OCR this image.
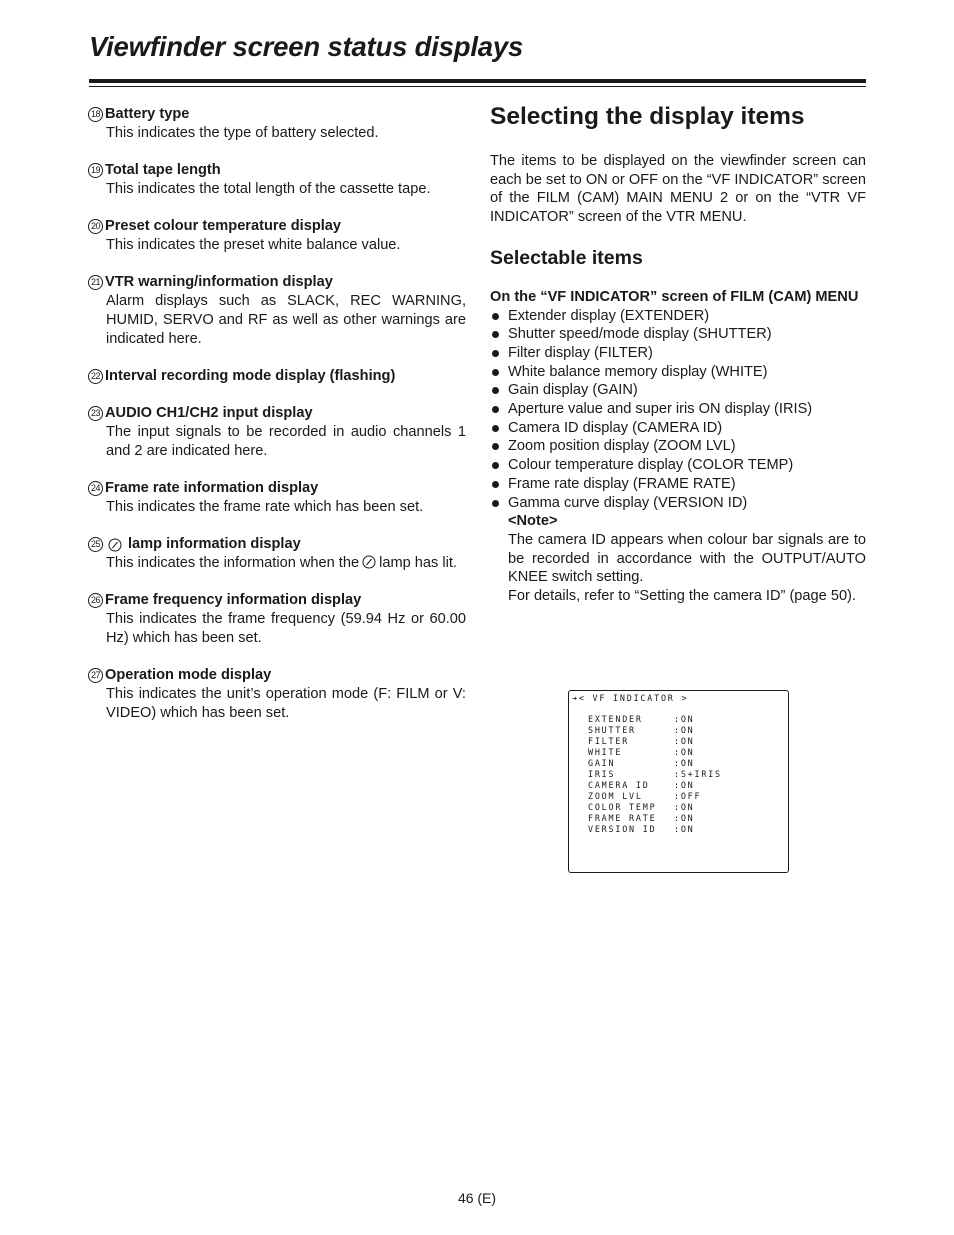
Viewfinder screen status displays
18 Battery type
This indicates the type of battery selected.
19 Total tape length
This indicates the total length of the cassette tape.
20 Preset colour temperature display
This indicates the preset white balance value.
21 VTR warning/information display
Alarm displays such as SLACK, REC WARNING, HUMID, SERVO and RF as well as other warnings are indicated here.
22 Interval recording mode display (flashing)
23 AUDIO CH1/CH2 input display
The input signals to be recorded in audio channels 1 and 2 are indicated here.
24 Frame rate information display
This indicates the frame rate which has been set.
25 lamp information display
This indicates the information when the lamp has lit.
26 Frame frequency information display
This indicates the frame frequency (59.94 Hz or 60.00 Hz) which has been set.
27 Operation mode display
This indicates the unit’s operation mode (F: FILM or V: VIDEO) which has been set.
Selecting the display items

The items to be displayed on the viewfinder screen can each be set to ON or OFF on the “VF INDICATOR” screen of the FILM (CAM) MAIN MENU 2 or on the “VTR VF INDICATOR” screen of the VTR MENU.

Selectable items

On the “VF INDICATOR” screen of FILM (CAM) MENU

Extender display (EXTENDER)
Shutter speed/mode display (SHUTTER)
Filter display (FILTER)
White balance memory display (WHITE)
Gain display (GAIN)
Aperture value and super iris ON display (IRIS)
Camera ID display (CAMERA ID)
Zoom position display (ZOOM LVL)
Colour temperature display (COLOR TEMP)
Frame rate display (FRAME RATE)
Gamma curve display (VERSION ID)
<Note>
The camera ID appears when colour bar signals are to be recorded in accordance with the OUTPUT/AUTO KNEE switch setting.
For details, refer to “Setting the camera ID” (page 50).
➔< VF INDICATOR >
EXTENDER	:ON
SHUTTER	:ON
FILTER	:ON
WHITE	:ON
GAIN	:ON
IRIS	:S+IRIS
CAMERA ID	:ON
ZOOM LVL	:OFF
COLOR TEMP :ON
FRAME RATE :ON
VERSION ID :ON
46 (E)
